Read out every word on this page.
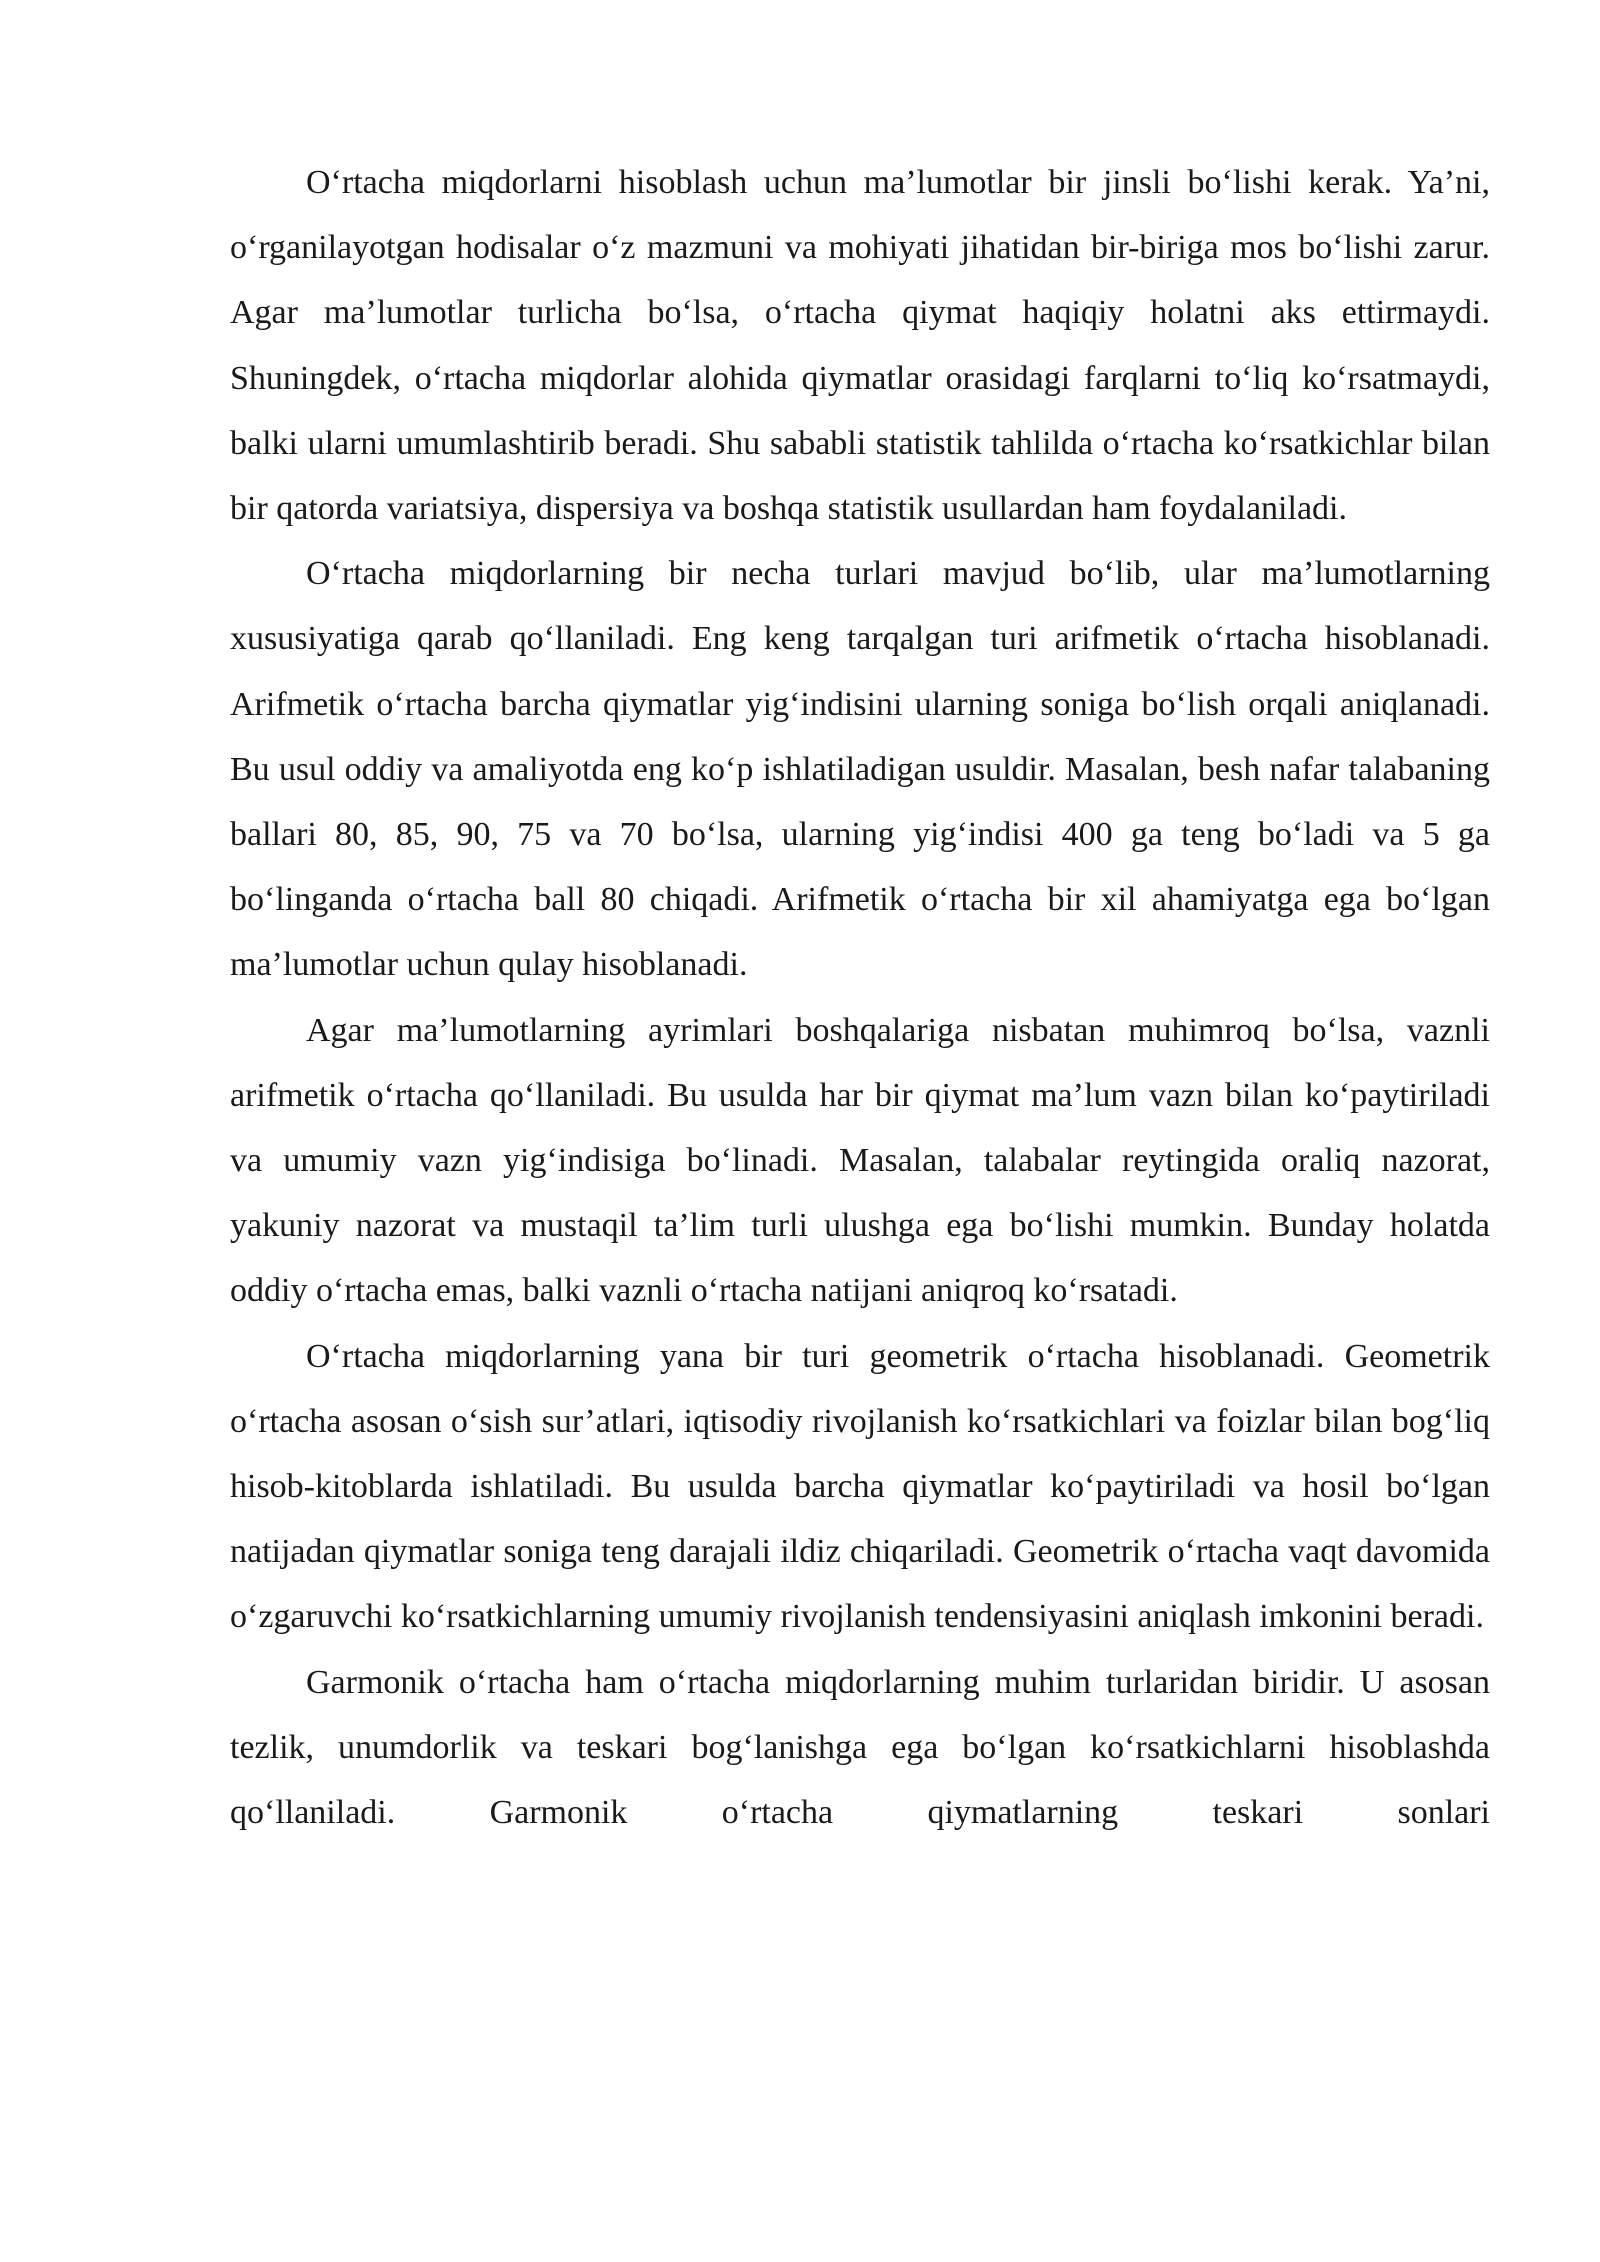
O‘rtacha miqdorlarni hisoblash uchun ma’lumotlar bir jinsli bo‘lishi kerak. Ya’ni, o‘rganilayotgan hodisalar o‘z mazmuni va mohiyati jihatidan bir-biriga mos bo‘lishi zarur. Agar ma’lumotlar turlicha bo‘lsa, o‘rtacha qiymat haqiqiy holatni aks ettirmaydi. Shuningdek, o‘rtacha miqdorlar alohida qiymatlar orasidagi farqlarni to‘liq ko‘rsatmaydi, balki ularni umumlashtirib beradi. Shu sababli statistik tahlilda o‘rtacha ko‘rsatkichlar bilan bir qatorda variatsiya, dispersiya va boshqa statistik usullardan ham foydalaniladi.

O‘rtacha miqdorlarning bir necha turlari mavjud bo‘lib, ular ma’lumotlarning xususiyatiga qarab qo‘llaniladi. Eng keng tarqalgan turi arifmetik o‘rtacha hisoblanadi. Arifmetik o‘rtacha barcha qiymatlar yig‘indisini ularning soniga bo‘lish orqali aniqlanadi. Bu usul oddiy va amaliyotda eng ko‘p ishlatiladigan usuldir. Masalan, besh nafar talabaning ballari 80, 85, 90, 75 va 70 bo‘lsa, ularning yig‘indisi 400 ga teng bo‘ladi va 5 ga bo‘linganda o‘rtacha ball 80 chiqadi. Arifmetik o‘rtacha bir xil ahamiyatga ega bo‘lgan ma’lumotlar uchun qulay hisoblanadi.

Agar ma’lumotlarning ayrimlari boshqalariga nisbatan muhimroq bo‘lsa, vaznli arifmetik o‘rtacha qo‘llaniladi. Bu usulda har bir qiymat ma’lum vazn bilan ko‘paytiriladi va umumiy vazn yig‘indisiga bo‘linadi. Masalan, talabalar reytingida oraliq nazorat, yakuniy nazorat va mustaqil ta’lim turli ulushga ega bo‘lishi mumkin. Bunday holatda oddiy o‘rtacha emas, balki vaznli o‘rtacha natijani aniqroq ko‘rsatadi.

O‘rtacha miqdorlarning yana bir turi geometrik o‘rtacha hisoblanadi. Geometrik o‘rtacha asosan o‘sish sur’atlari, iqtisodiy rivojlanish ko‘rsatkichlari va foizlar bilan bog‘liq hisob-kitoblarda ishlatiladi. Bu usulda barcha qiymatlar ko‘paytiriladi va hosil bo‘lgan natijadan qiymatlar soniga teng darajali ildiz chiqariladi. Geometrik o‘rtacha vaqt davomida o‘zgaruvchi ko‘rsatkichlarning umumiy rivojlanish tendensiyasini aniqlash imkonini beradi.

Garmonik o‘rtacha ham o‘rtacha miqdorlarning muhim turlaridan biridir. U asosan tezlik, unumdorlik va teskari bog‘lanishga ega bo‘lgan ko‘rsatkichlarni hisoblashda qo‘llaniladi. Garmonik o‘rtacha qiymatlarning teskari sonlari
